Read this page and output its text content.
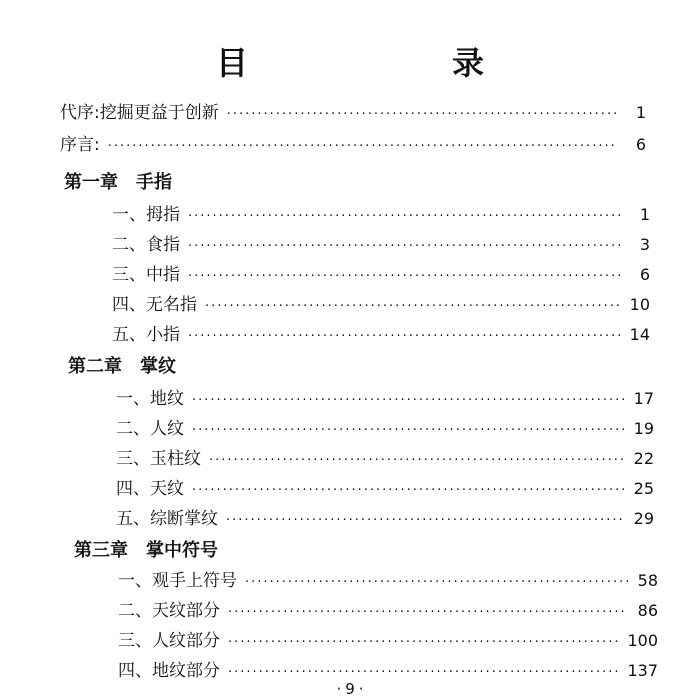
目　录
代序:挖掘更益于创新 ·····	1
序言: ·····	6
第一章 手指
一、拇指 ·····	1
二、食指 ·····	3
三、中指 ·····	6
四、无名指 ·····	10
五、小指 ·····	14
第二章 掌纹
一、地纹 ·····	17
二、人纹 ·····	19
三、玉柱纹 ·····	22
四、天纹 ·····	25
五、综断掌纹 ·····	29
第三章 掌中符号
一、观手上符号 ·····	58
二、天纹部分 ·····	86
三、人纹部分 ·····	100
四、地纹部分 ·····	137
· 9 ·
